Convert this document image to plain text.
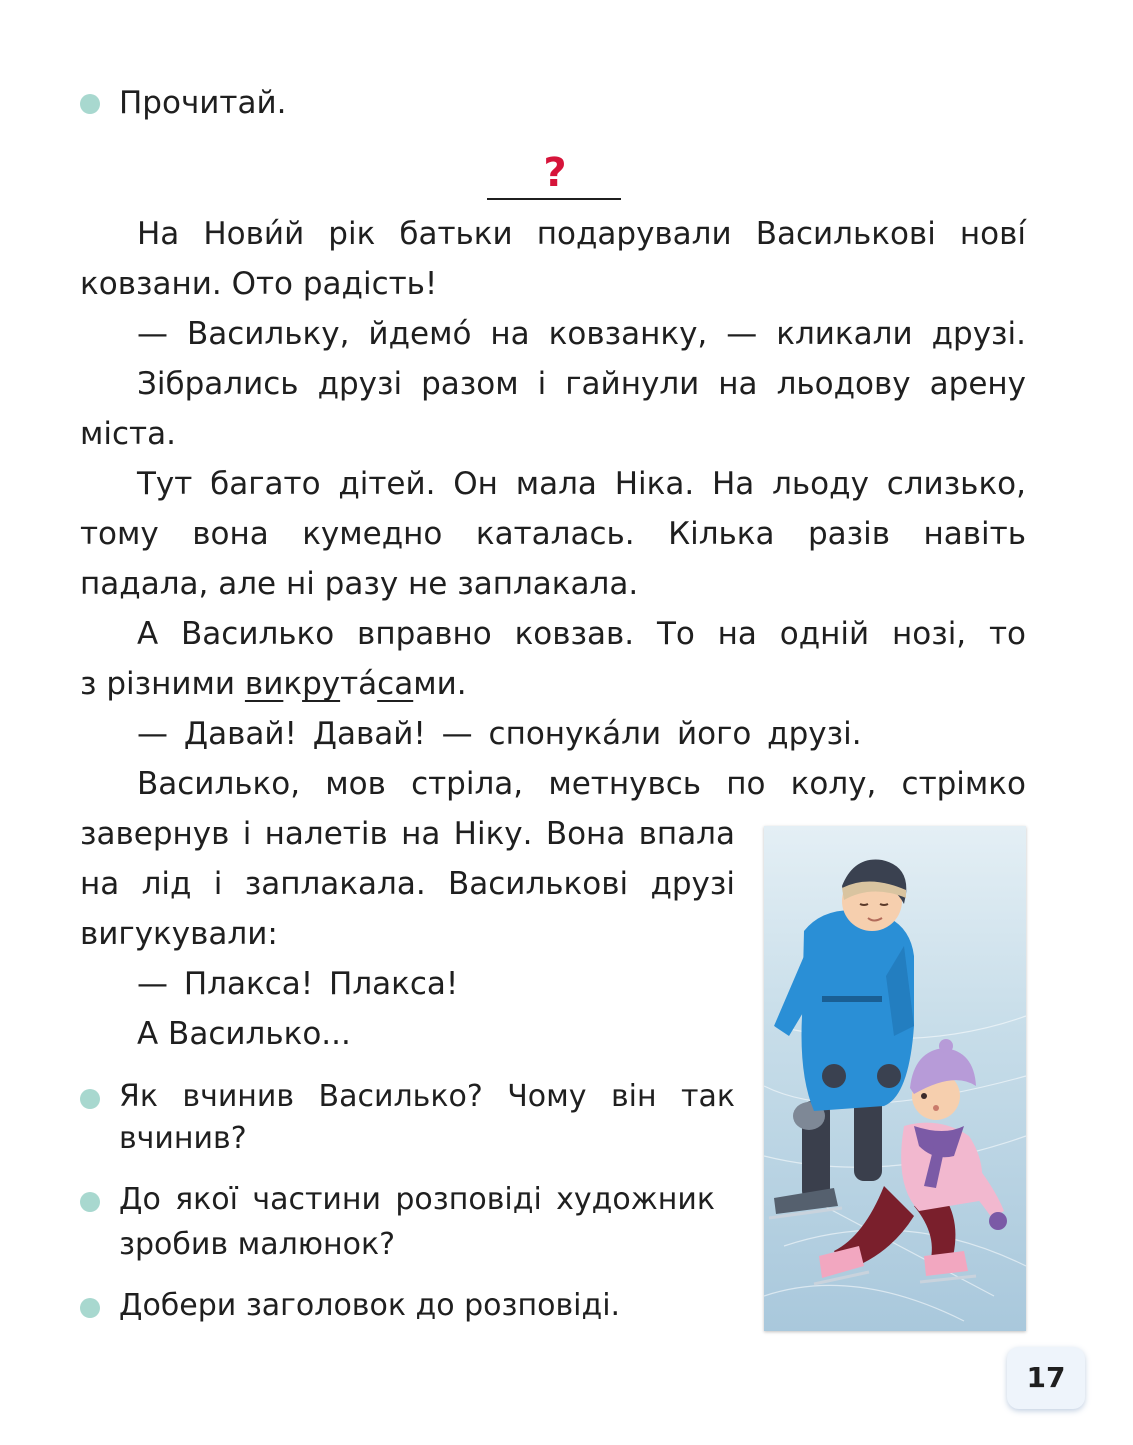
Прочитай.
?
На Нови́й рік батьки подарували Васильковi нові́
ковзани. Ото радість!
— Васильку, йдемо́ на ковзанку, — кликали друзі.
Зібрались друзі разом і гайнули на льодову арену
міста.
Тут багато дітей. Он мала Ніка. На льоду слизько,
тому вона кумедно каталась. Кілька разів навіть
падала, але ні разу не заплакала.
А Василько вправно ковзав. То на одній нозі, то
з різними викрута́сами.
— Давай! Давай! — спонука́ли його друзі.
Василько, мов стріла, метнувсь по колу, стрімко
завернув і налетів на Ніку. Вона впала
на лід і заплакала. Васильковi друзі
вигукували:
— Плакса! Плакса!
А Василько...
Як вчинив Василько? Чому він так
вчинив?
До якої частини розповіді художник
зробив малюнок?
Добери заголовок до розповіді.
17
